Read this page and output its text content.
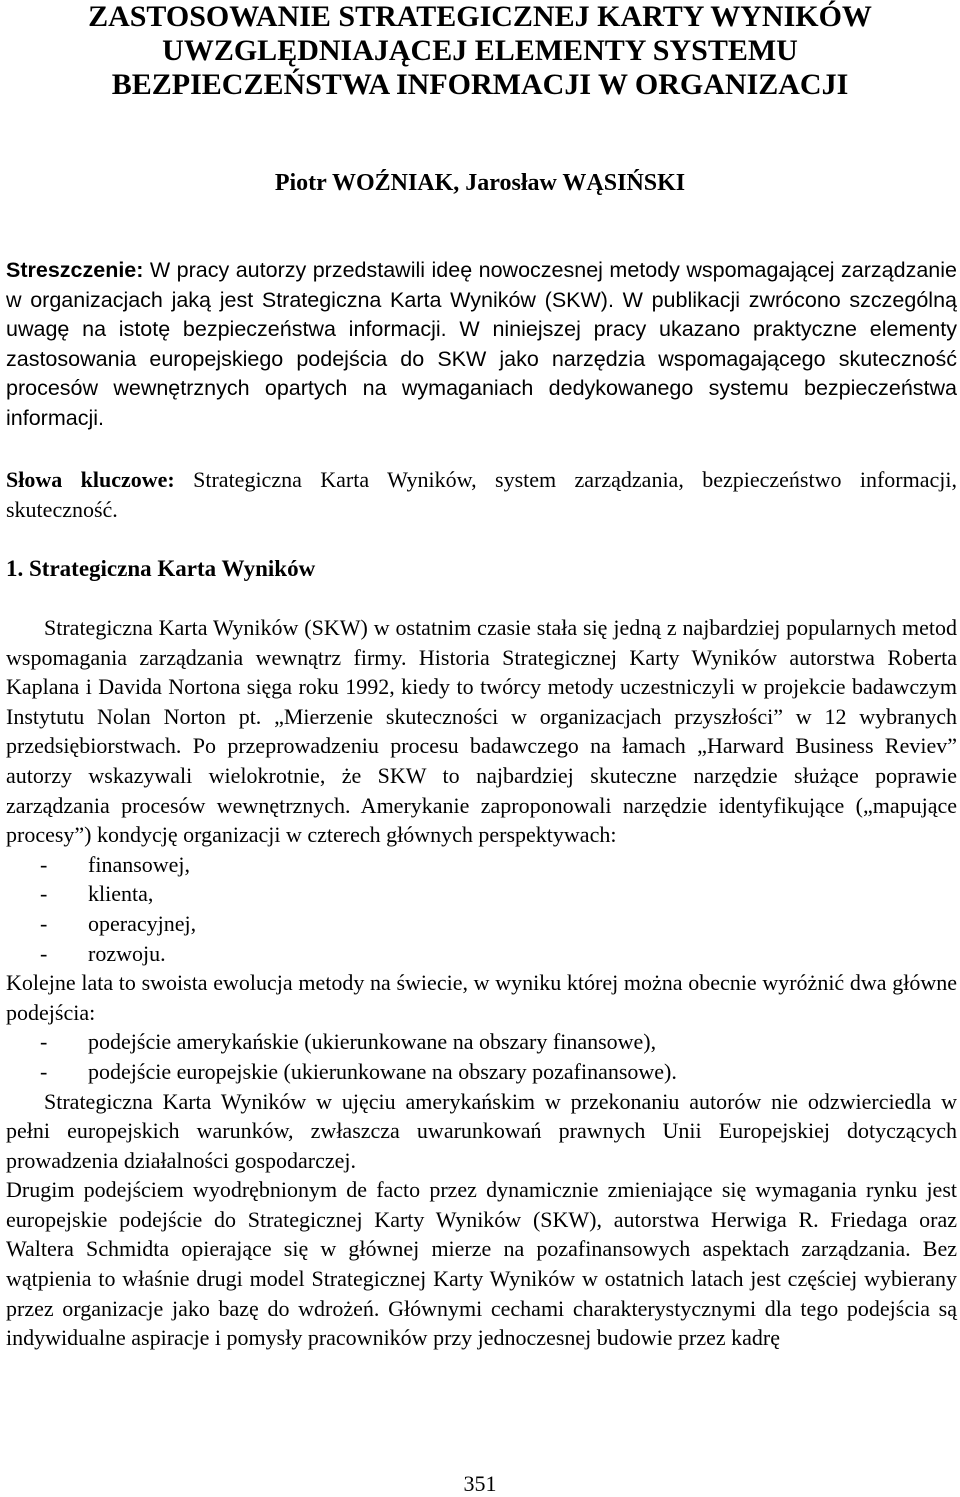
ZASTOSOWANIE STRATEGICZNEJ KARTY WYNIKÓW
UWZGLĘDNIAJĄCEJ ELEMENTY SYSTEMU
BEZPIECZEŃSTWA INFORMACJI W ORGANIZACJI

Piotr WOŹNIAK, Jarosław WĄSIŃSKI

Streszczenie: W pracy autorzy przedstawili ideę nowoczesnej metody wspomagającej zarządzanie w organizacjach jaką jest Strategiczna Karta Wyników (SKW). W publikacji zwrócono szczególną uwagę na istotę bezpieczeństwa informacji. W niniejszej pracy ukazano praktyczne elementy zastosowania europejskiego podejścia do SKW jako narzędzia wspomagającego skuteczność procesów wewnętrznych opartych na wymaganiach dedykowanego systemu bezpieczeństwa informacji.

Słowa kluczowe: Strategiczna Karta Wyników, system zarządzania, bezpieczeństwo informacji, skuteczność.

1. Strategiczna Karta Wyników

Strategiczna Karta Wyników (SKW) w ostatnim czasie stała się jedną z najbardziej popularnych metod wspomagania zarządzania wewnątrz firmy. Historia Strategicznej Karty Wyników autorstwa Roberta Kaplana i Davida Nortona sięga roku 1992, kiedy to twórcy metody uczestniczyli w projekcie badawczym Instytutu Nolan Norton pt. „Mierzenie skuteczności w organizacjach przyszłości” w 12 wybranych przedsiębiorstwach. Po przeprowadzeniu procesu badawczego na łamach „Harward Business Reviev” autorzy wskazywali wielokrotnie, że SKW to najbardziej skuteczne narzędzie służące poprawie zarządzania procesów wewnętrznych. Amerykanie zaproponowali narzędzie identyfikujące („mapujące procesy”) kondycję organizacji w czterech głównych perspektywach:

- finansowej,
- klienta,
- operacyjnej,
- rozwoju.

Kolejne lata to swoista ewolucja metody na świecie, w wyniku której można obecnie wyróżnić dwa główne podejścia:

- podejście amerykańskie (ukierunkowane na obszary finansowe),
- podejście europejskie (ukierunkowane na obszary pozafinansowe).

Strategiczna Karta Wyników w ujęciu amerykańskim w przekonaniu autorów nie odzwierciedla w pełni europejskich warunków, zwłaszcza uwarunkowań prawnych Unii Europejskiej dotyczących prowadzenia działalności gospodarczej.

Drugim podejściem wyodrębnionym de facto przez dynamicznie zmieniające się wymagania rynku jest europejskie podejście do Strategicznej Karty Wyników (SKW), autorstwa Herwiga R. Friedaga oraz Waltera Schmidta opierające się w głównej mierze na pozafinansowych aspektach zarządzania. Bez wątpienia to właśnie drugi model Strategicznej Karty Wyników w ostatnich latach jest częściej wybierany przez organizacje jako bazę do wdrożeń. Głównymi cechami charakterystycznymi dla tego podejścia są indywidualne aspiracje i pomysły pracowników przy jednoczesnej budowie przez kadrę

351
